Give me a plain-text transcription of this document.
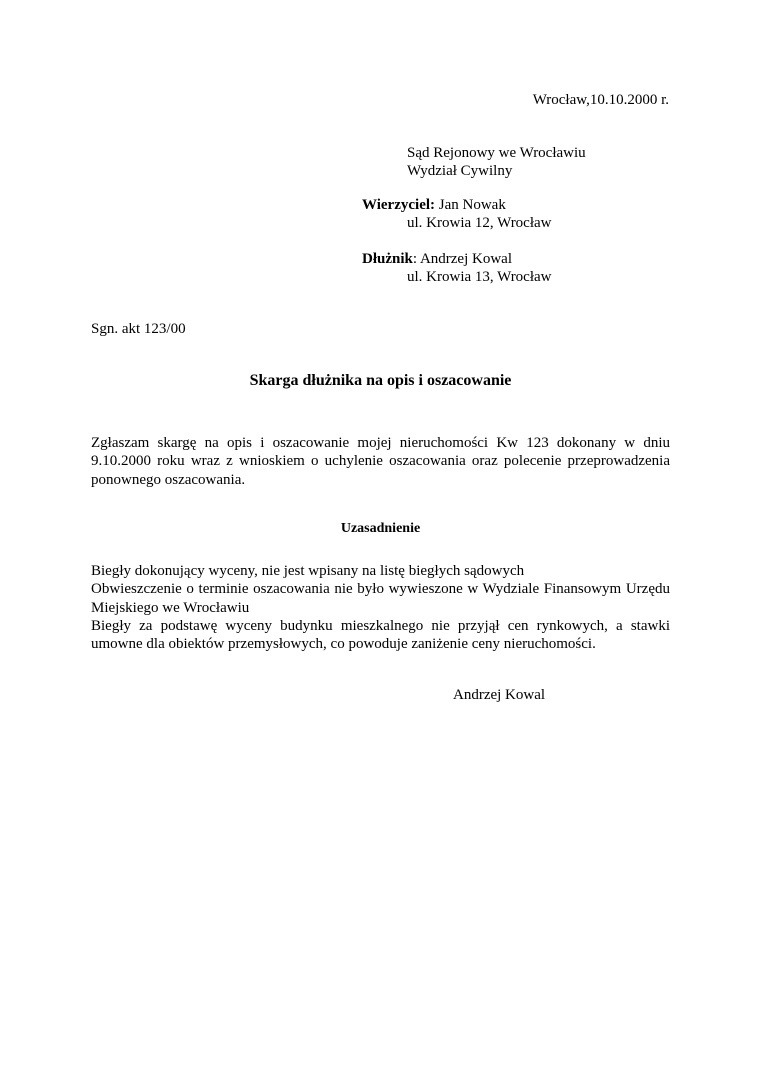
Wrocław,10.10.2000 r.
Sąd Rejonowy we Wrocławiu
Wydział Cywilny
Wierzyciel: Jan Nowak
ul. Krowia 12, Wrocław
Dłużnik: Andrzej Kowal
ul. Krowia 13, Wrocław
Sgn. akt 123/00
Skarga dłużnika na opis i oszacowanie
Zgłaszam skargę na opis i oszacowanie mojej nieruchomości Kw 123 dokonany w dniu 9.10.2000 roku wraz z wnioskiem o uchylenie oszacowania oraz polecenie przeprowadzenia ponownego oszacowania.
Uzasadnienie

Biegły dokonujący wyceny, nie jest wpisany na listę biegłych sądowych

Obwieszczenie o terminie oszacowania nie było wywieszone w Wydziale Finansowym Urzędu Miejskiego we Wrocławiu

Biegły za podstawę wyceny budynku mieszkalnego nie przyjął cen rynkowych, a stawki umowne dla obiektów przemysłowych, co powoduje zaniżenie ceny nieruchomości.

Andrzej Kowal
